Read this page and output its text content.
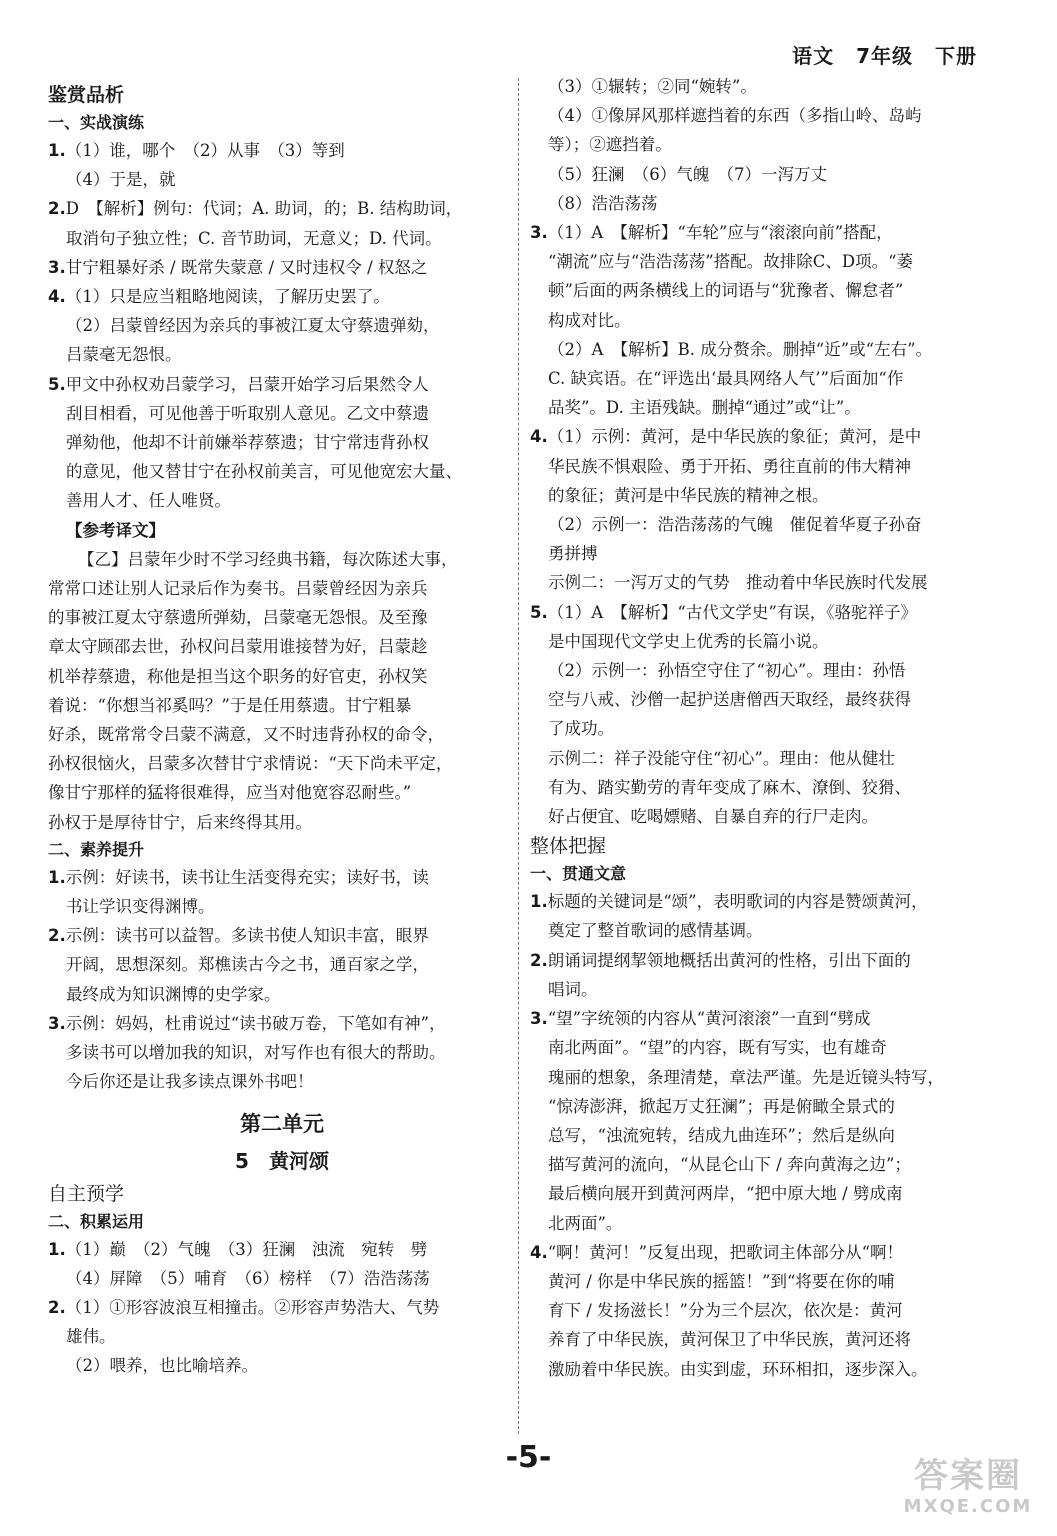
语文 7年级 下册
鉴赏品析
一、实战演练
1.（1）谁，哪个　（2）从事　（3）等到
（4）于是，就
2.D　【解析】例句：代词；A. 助词，的；B. 结构助词，
取消句子独立性；C. 音节助词，无意义；D. 代词。
3.甘宁粗暴好杀 / 既常失蒙意 / 又时违权令 / 权怒之
4.（1）只是应当粗略地阅读，了解历史罢了。
（2）吕蒙曾经因为亲兵的事被江夏太守蔡遗弹劾，
吕蒙毫无怨恨。
5.甲文中孙权劝吕蒙学习，吕蒙开始学习后果然令人
刮目相看，可见他善于听取别人意见。乙文中蔡遗
弹劾他，他却不计前嫌举荐蔡遗；甘宁常违背孙权
的意见，他又替甘宁在孙权前美言，可见他宽宏大量、
善用人才、任人唯贤。
【参考译文】
【乙】吕蒙年少时不学习经典书籍，每次陈述大事，
常常口述让别人记录后作为奏书。吕蒙曾经因为亲兵
的事被江夏太守蔡遗所弹劾，吕蒙毫无怨恨。及至豫
章太守顾邵去世，孙权问吕蒙用谁接替为好，吕蒙趁
机举荐蔡遗，称他是担当这个职务的好官吏，孙权笑
着说：“你想当祁奚吗？”于是任用蔡遗。甘宁粗暴
好杀，既常常令吕蒙不满意，又不时违背孙权的命令，
孙权很恼火，吕蒙多次替甘宁求情说：“天下尚未平定，
像甘宁那样的猛将很难得，应当对他宽容忍耐些。”
孙权于是厚待甘宁，后来终得其用。
二、素养提升
1.示例：好读书，读书让生活变得充实；读好书，读
书让学识变得渊博。
2.示例：读书可以益智。多读书使人知识丰富，眼界
开阔，思想深刻。郑樵读古今之书，通百家之学，
最终成为知识渊博的史学家。
3.示例：妈妈，杜甫说过“读书破万卷，下笔如有神”，
多读书可以增加我的知识，对写作也有很大的帮助。
今后你还是让我多读点课外书吧！
第二单元
5　黄河颂
自主预学
二、积累运用
1.（1）巅　（2）气魄　（3）狂澜　浊流　宛转　劈
（4）屏障　（5）哺育　（6）榜样　（7）浩浩荡荡
2.（1）①形容波浪互相撞击。②形容声势浩大、气势
雄伟。
（2）喂养，也比喻培养。
（3）①辗转；②同“婉转”。
（4）①像屏风那样遮挡着的东西（多指山岭、岛屿
等）；②遮挡着。
（5）狂澜　（6）气魄　（7）一泻万丈
（8）浩浩荡荡
3.（1）A　【解析】“车轮”应与“滚滚向前”搭配，
“潮流”应与“浩浩荡荡”搭配。故排除C、D项。“萎
顿”后面的两条横线上的词语与“犹豫者、懈怠者”
构成对比。
（2）A　【解析】B. 成分赘余。删掉“近”或“左右”。
C. 缺宾语。在“评选出‘最具网络人气’”后面加“作
品奖”。D. 主语残缺。删掉“通过”或“让”。
4.（1）示例：黄河，是中华民族的象征；黄河，是中
华民族不惧艰险、勇于开拓、勇往直前的伟大精神
的象征；黄河是中华民族的精神之根。
（2）示例一：浩浩荡荡的气魄　催促着华夏子孙奋
勇拼搏
示例二：一泻万丈的气势　推动着中华民族时代发展
5.（1）A　【解析】“古代文学史”有误，《骆驼祥子》
是中国现代文学史上优秀的长篇小说。
（2）示例一：孙悟空守住了“初心”。理由：孙悟
空与八戒、沙僧一起护送唐僧西天取经，最终获得
了成功。
示例二：祥子没能守住“初心”。理由：他从健壮
有为、踏实勤劳的青年变成了麻木、潦倒、狡猾、
好占便宜、吃喝嫖赌、自暴自弃的行尸走肉。
整体把握
一、贯通文意
1.标题的关键词是“颂”，表明歌词的内容是赞颂黄河，
奠定了整首歌词的感情基调。
2.朗诵词提纲挈领地概括出黄河的性格，引出下面的
唱词。
3.“望”字统领的内容从“黄河滚滚”一直到“劈成
南北两面”。“望”的内容，既有写实，也有雄奇
瑰丽的想象，条理清楚，章法严谨。先是近镜头特写，
“惊涛澎湃，掀起万丈狂澜”；再是俯瞰全景式的
总写，“浊流宛转，结成九曲连环”；然后是纵向
描写黄河的流向，“从昆仑山下 / 奔向黄海之边”；
最后横向展开到黄河两岸，“把中原大地 / 劈成南
北两面”。
4.“啊！黄河！”反复出现，把歌词主体部分从“啊！
黄河 / 你是中华民族的摇篮！”到“将要在你的哺
育下 / 发扬滋长！”分为三个层次，依次是：黄河
养育了中华民族，黄河保卫了中华民族，黄河还将
激励着中华民族。由实到虚，环环相扣，逐步深入。
-5-	答案圈
MXQE.COM
